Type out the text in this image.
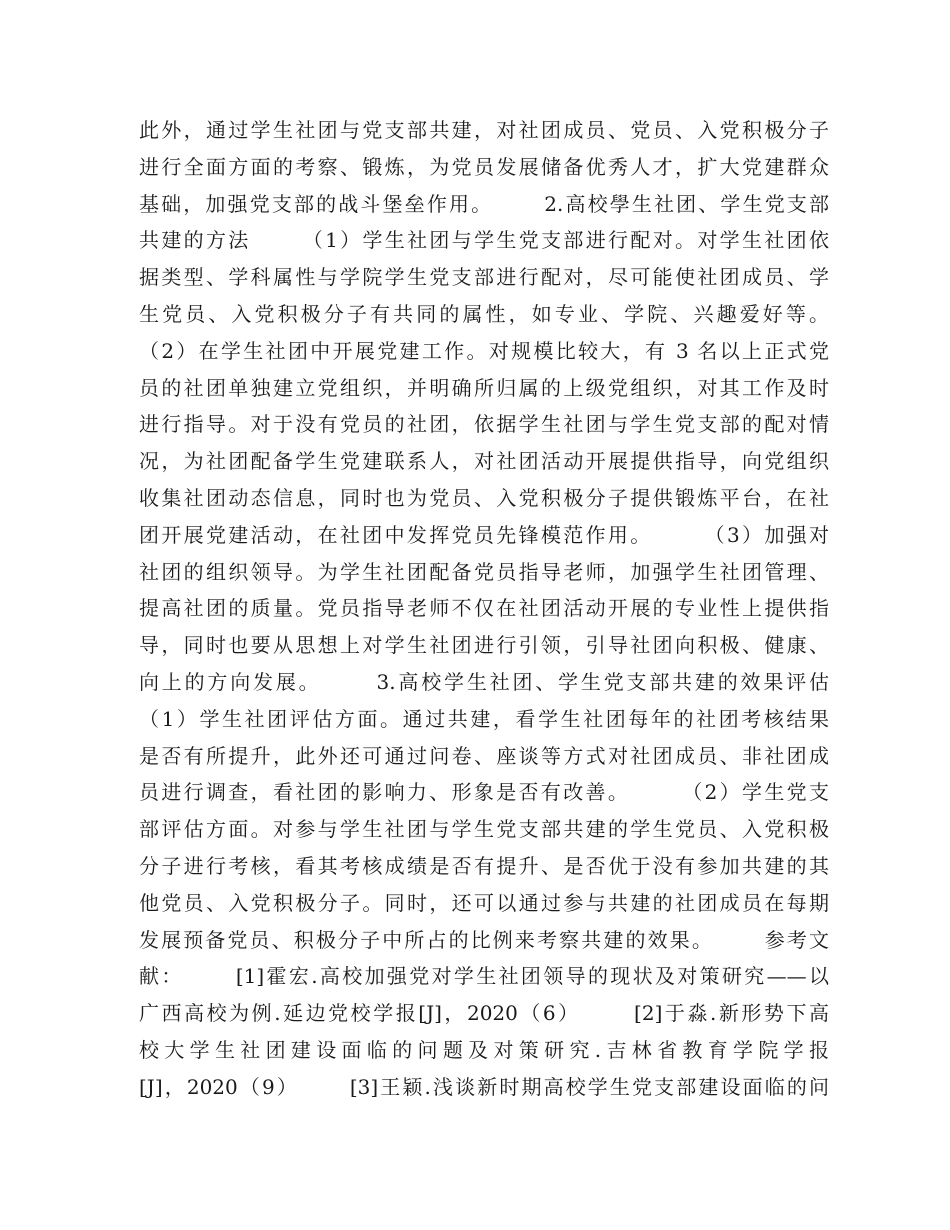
此外，通过学生社团与党支部共建，对社团成员、党员、入党积极分子
进行全面方面的考察、锻炼，为党员发展储备优秀人才，扩大党建群众
基础，加强党支部的战斗堡垒作用。      2.高校學生社团、学生党支部
共建的方法      （1）学生社团与学生党支部进行配对。对学生社团依
据类型、学科属性与学院学生党支部进行配对，尽可能使社团成员、学
生党员、入党积极分子有共同的属性，如专业、学院、兴趣爱好等。
（2）在学生社团中开展党建工作。对规模比较大，有 3 名以上正式党
员的社团单独建立党组织，并明确所归属的上级党组织，对其工作及时
进行指导。对于没有党员的社团，依据学生社团与学生党支部的配对情
况，为社团配备学生党建联系人，对社团活动开展提供指导，向党组织
收集社团动态信息，同时也为党员、入党积极分子提供锻炼平台，在社
团开展党建活动，在社团中发挥党员先锋模范作用。      （3）加强对
社团的组织领导。为学生社团配备党员指导老师，加强学生社团管理、
提高社团的质量。党员指导老师不仅在社团活动开展的专业性上提供指
导，同时也要从思想上对学生社团进行引领，引导社团向积极、健康、
向上的方向发展。      3.高校学生社团、学生党支部共建的效果评估
（1）学生社团评估方面。通过共建，看学生社团每年的社团考核结果
是否有所提升，此外还可通过问卷、座谈等方式对社团成员、非社团成
员进行调查，看社团的影响力、形象是否有改善。      （2）学生党支
部评估方面。对参与学生社团与学生党支部共建的学生党员、入党积极
分子进行考核，看其考核成绩是否有提升、是否优于没有参加共建的其
他党员、入党积极分子。同时，还可以通过参与共建的社团成员在每期
发展预备党员、积极分子中所占的比例来考察共建的效果。      参考文
献：      [1]霍宏.高校加强党对学生社团领导的现状及对策研究——以
广西高校为例.延边党校学报[J]，2020（6）      [2]于淼.新形势下高
校大学生社团建设面临的问题及对策研究.吉林省教育学院学报
[J]，2020（9）      [3]王颖.浅谈新时期高校学生党支部建设面临的问
